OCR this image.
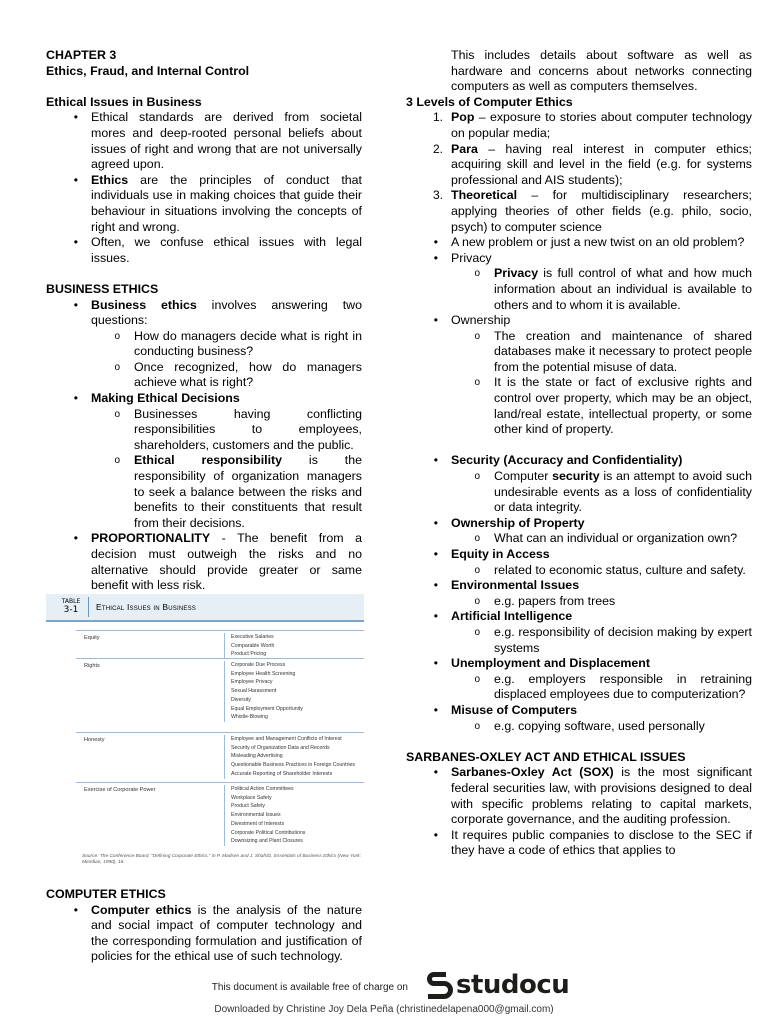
CHAPTER 3
Ethics, Fraud, and Internal Control
Ethical Issues in Business
• Ethical standards are derived from societal mores and deep-rooted personal beliefs about issues of right and wrong that are not universally agreed upon.
• Ethics are the principles of conduct that individuals use in making choices that guide their behaviour in situations involving the concepts of right and wrong.
• Often, we confuse ethical issues with legal issues.
BUSINESS ETHICS
• Business ethics involves answering two questions:
o How do managers decide what is right in conducting business?
o Once recognized, how do managers achieve what is right?
• Making Ethical Decisions
o Businesses having conflicting responsibilities to employees, shareholders, customers and the public.
o Ethical responsibility is the responsibility of organization managers to seek a balance between the risks and benefits to their constituents that result from their decisions.
• PROPORTIONALITY - The benefit from a decision must outweigh the risks and no alternative should provide greater or same benefit with less risk.
TABLE
3-1	Ethical Issues in Business
Equity	Executive Salaries
Comparable Worth
Product Pricing
Rights	Corporate Due Process
Employee Health Screening
Employee Privacy
Sexual Harassment
Diversity
Equal Employment Opportunity
Whistle-Blowing
Honesty	Employee and Management Conflicts of Interest
Security of Organization Data and Records
Misleading Advertising
Questionable Business Practices in Foreign Countries
Accurate Reporting of Shareholder Interests
Exercise of Corporate Power	Political Action Committees
Workplace Safety
Product Safety
Environmental Issues
Divestment of Interests
Corporate Political Contributions
Downsizing and Plant Closures
Source: The Conference Board, "Defining Corporate Ethics," in P. Madsen and J. Shafritz, Essentials of Business Ethics (New York: Meridian, 1990), 18.
COMPUTER ETHICS
• Computer ethics is the analysis of the nature and social impact of computer technology and the corresponding formulation and justification of policies for the ethical use of such technology.
This includes details about software as well as hardware and concerns about networks connecting computers as well as computers themselves.
3 Levels of Computer Ethics
1. Pop – exposure to stories about computer technology on popular media;
2. Para – having real interest in computer ethics; acquiring skill and level in the field (e.g. for systems professional and AIS students);
3. Theoretical – for multidisciplinary researchers; applying theories of other fields (e.g. philo, socio, psych) to computer science
• A new problem or just a new twist on an old problem?
• Privacy
o Privacy is full control of what and how much information about an individual is available to others and to whom it is available.
• Ownership
o The creation and maintenance of shared databases make it necessary to protect people from the potential misuse of data.
o It is the state or fact of exclusive rights and control over property, which may be an object, land/real estate, intellectual property, or some other kind of property.
• Security (Accuracy and Confidentiality)
o Computer security is an attempt to avoid such undesirable events as a loss of confidentiality or data integrity.
• Ownership of Property
o What can an individual or organization own?
• Equity in Access
o related to economic status, culture and safety.
• Environmental Issues
o e.g. papers from trees
• Artificial Intelligence
o e.g. responsibility of decision making by expert systems
• Unemployment and Displacement
o e.g. employers responsible in retraining displaced employees due to computerization?
• Misuse of Computers
o e.g. copying software, used personally
SARBANES-OXLEY ACT AND ETHICAL ISSUES
• Sarbanes-Oxley Act (SOX) is the most significant federal securities law, with provisions designed to deal with specific problems relating to capital markets, corporate governance, and the auditing profession.
• It requires public companies to disclose to the SEC if they have a code of ethics that applies to
This document is available free of charge on studocu
Downloaded by Christine Joy Dela Peña (christinedelapena000@gmail.com)
